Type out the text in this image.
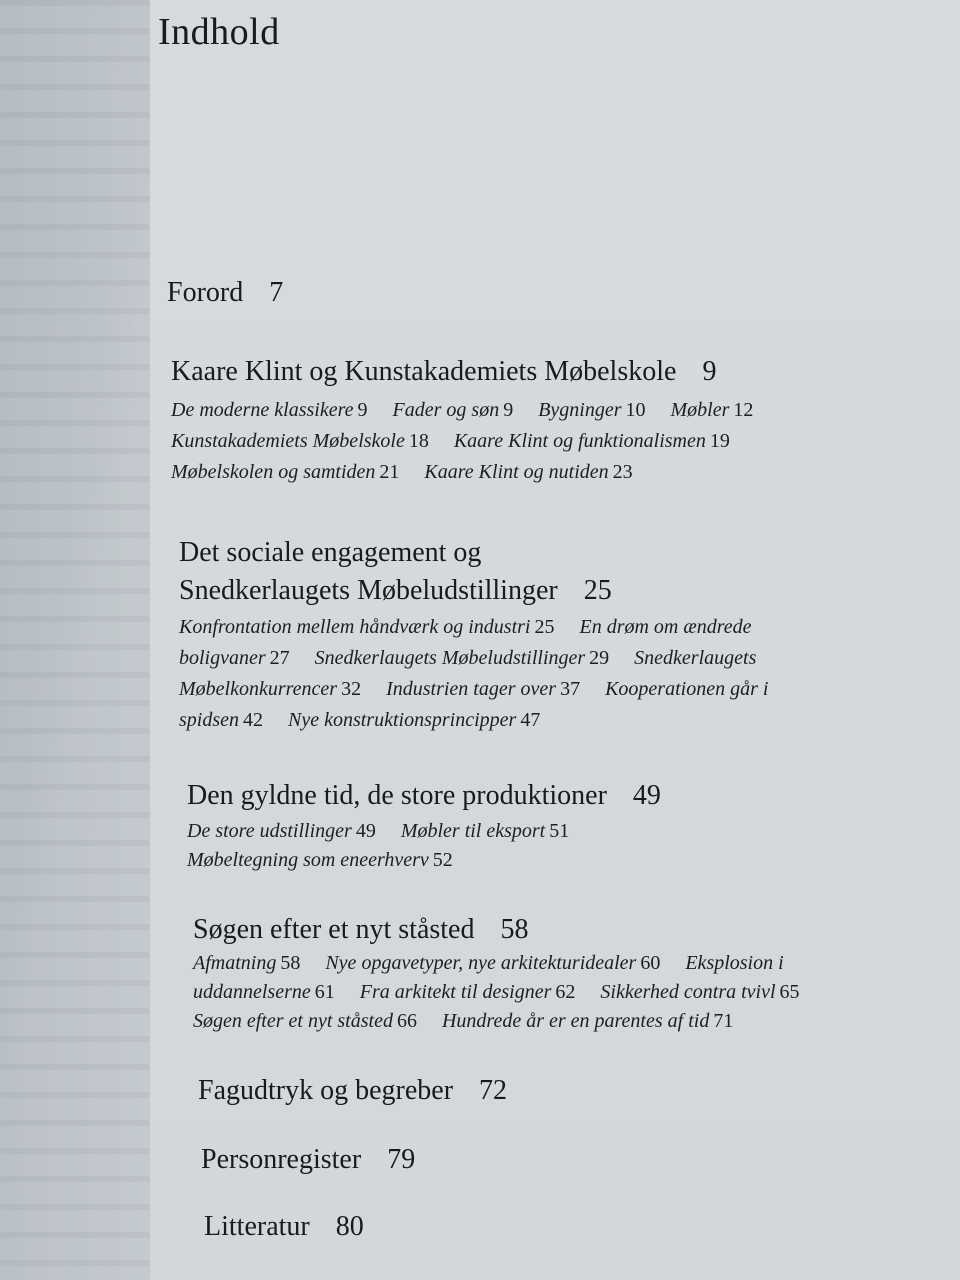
Indhold
Forord 7
Kaare Klint og Kunstakademiets Møbelskole 9
De moderne klassikere 9 Fader og søn 9 Bygninger 10 Møbler 12
Kunstakademiets Møbelskole 18 Kaare Klint og funktionalismen 19
Møbelskolen og samtiden 21 Kaare Klint og nutiden 23
Det sociale engagement og
Snedkerlaugets Møbeludstillinger 25
Konfrontation mellem håndværk og industri 25 En drøm om ændrede
boligvaner 27 Snedkerlaugets Møbeludstillinger 29 Snedkerlaugets
Møbelkonkurrencer 32 Industrien tager over 37 Kooperationen går i
spidsen 42 Nye konstruktionsprincipper 47
Den gyldne tid, de store produktioner 49
De store udstillinger 49 Møbler til eksport 51
Møbeltegning som eneerhverv 52
Søgen efter et nyt ståsted 58
Afmatning 58 Nye opgavetyper, nye arkitekturidealer 60 Eksplosion i
uddannelserne 61 Fra arkitekt til designer 62 Sikkerhed contra tvivl 65
Søgen efter et nyt ståsted 66 Hundrede år er en parentes af tid 71
Fagudtryk og begreber 72
Personregister 79
Litteratur 80
